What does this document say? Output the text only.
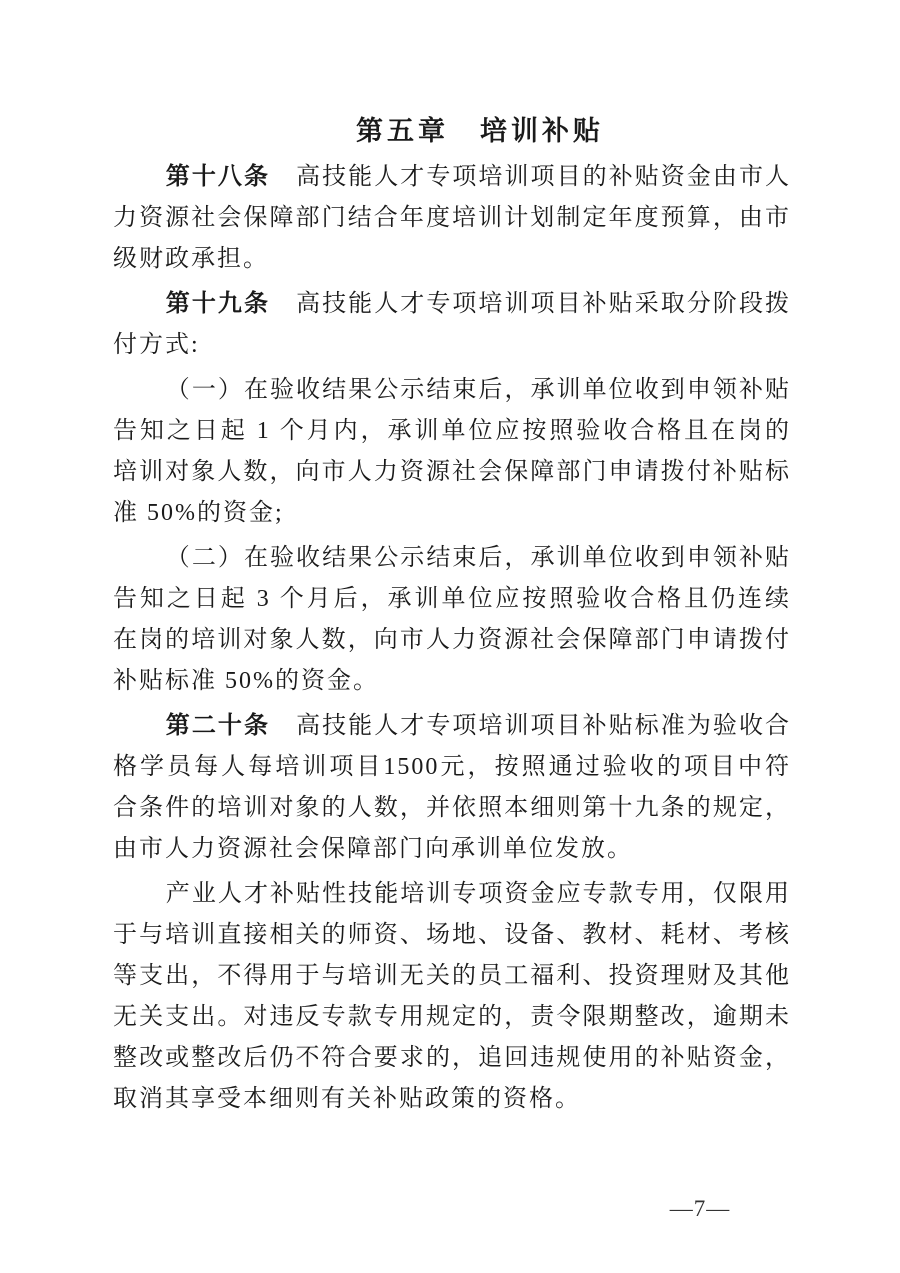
第五章　培训补贴

第十八条　高技能人才专项培训项目的补贴资金由市人力资源社会保障部门结合年度培训计划制定年度预算，由市级财政承担。

第十九条　高技能人才专项培训项目补贴采取分阶段拨付方式:

（一）在验收结果公示结束后，承训单位收到申领补贴告知之日起 1 个月内，承训单位应按照验收合格且在岗的培训对象人数，向市人力资源社会保障部门申请拨付补贴标准 50%的资金;

（二）在验收结果公示结束后，承训单位收到申领补贴告知之日起 3 个月后，承训单位应按照验收合格且仍连续在岗的培训对象人数，向市人力资源社会保障部门申请拨付补贴标准 50%的资金。

第二十条　高技能人才专项培训项目补贴标准为验收合格学员每人每培训项目1500元，按照通过验收的项目中符合条件的培训对象的人数，并依照本细则第十九条的规定，由市人力资源社会保障部门向承训单位发放。

产业人才补贴性技能培训专项资金应专款专用，仅限用于与培训直接相关的师资、场地、设备、教材、耗材、考核等支出，不得用于与培训无关的员工福利、投资理财及其他无关支出。对违反专款专用规定的，责令限期整改，逾期未整改或整改后仍不符合要求的，追回违规使用的补贴资金，取消其享受本细则有关补贴政策的资格。

—7—
